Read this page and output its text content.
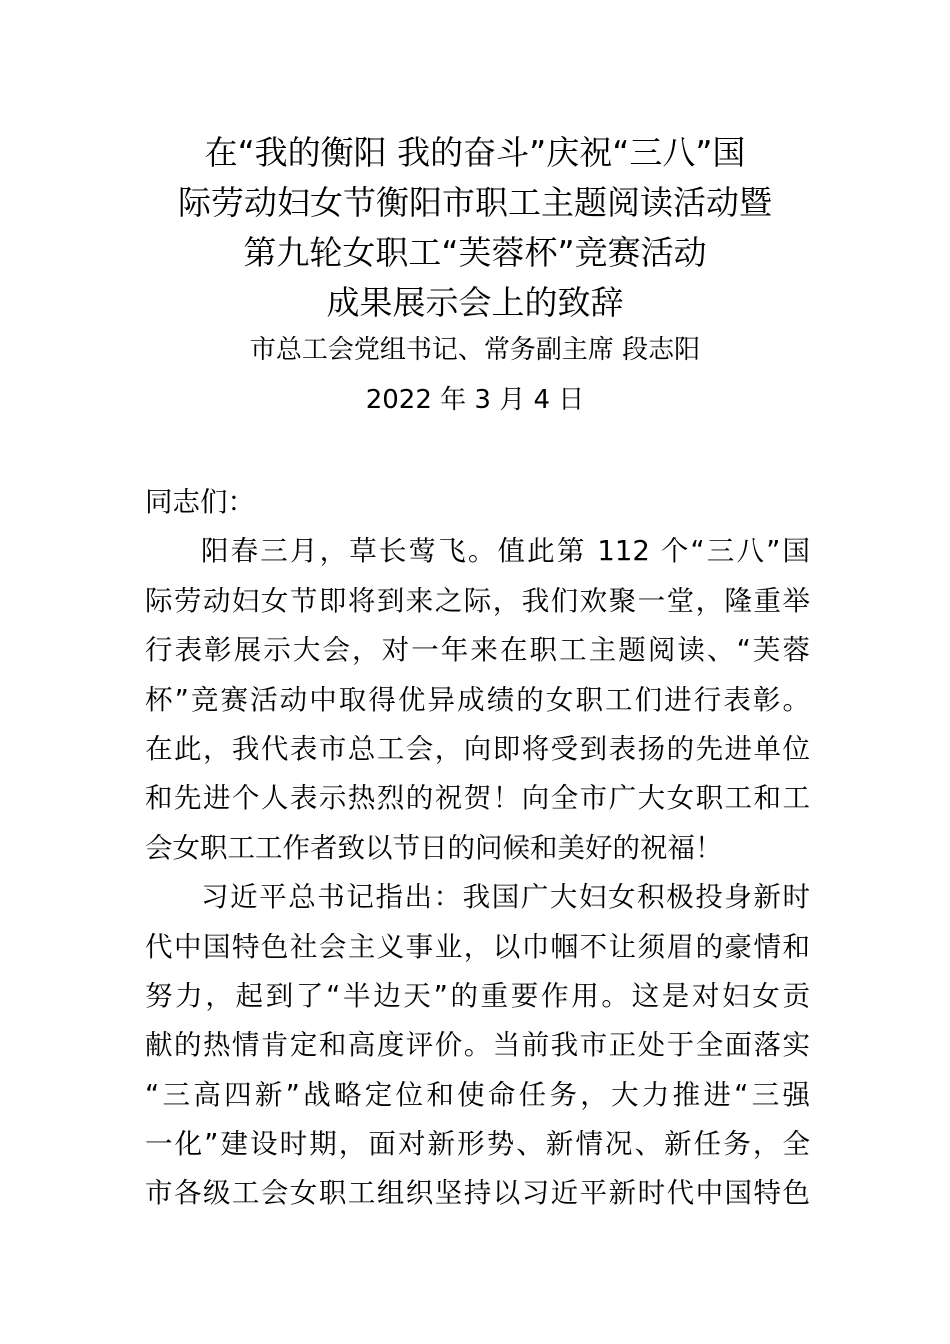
在“我的衡阳 我的奋斗”庆祝“三八”国
际劳动妇女节衡阳市职工主题阅读活动暨
第九轮女职工“芙蓉杯”竞赛活动
成果展示会上的致辞
市总工会党组书记、常务副主席 段志阳
2022 年 3 月 4 日
同志们：
阳春三月，草长莺飞。值此第 112 个“三八”国
际劳动妇女节即将到来之际，我们欢聚一堂，隆重举
行表彰展示大会，对一年来在职工主题阅读、“芙蓉
杯”竞赛活动中取得优异成绩的女职工们进行表彰。
在此，我代表市总工会，向即将受到表扬的先进单位
和先进个人表示热烈的祝贺！向全市广大女职工和工
会女职工工作者致以节日的问候和美好的祝福！
习近平总书记指出：我国广大妇女积极投身新时
代中国特色社会主义事业，以巾帼不让须眉的豪情和
努力，起到了“半边天”的重要作用。这是对妇女贡
献的热情肯定和高度评价。当前我市正处于全面落实
“三高四新”战略定位和使命任务，大力推进“三强
一化”建设时期，面对新形势、新情况、新任务，全
市各级工会女职工组织坚持以习近平新时代中国特色
